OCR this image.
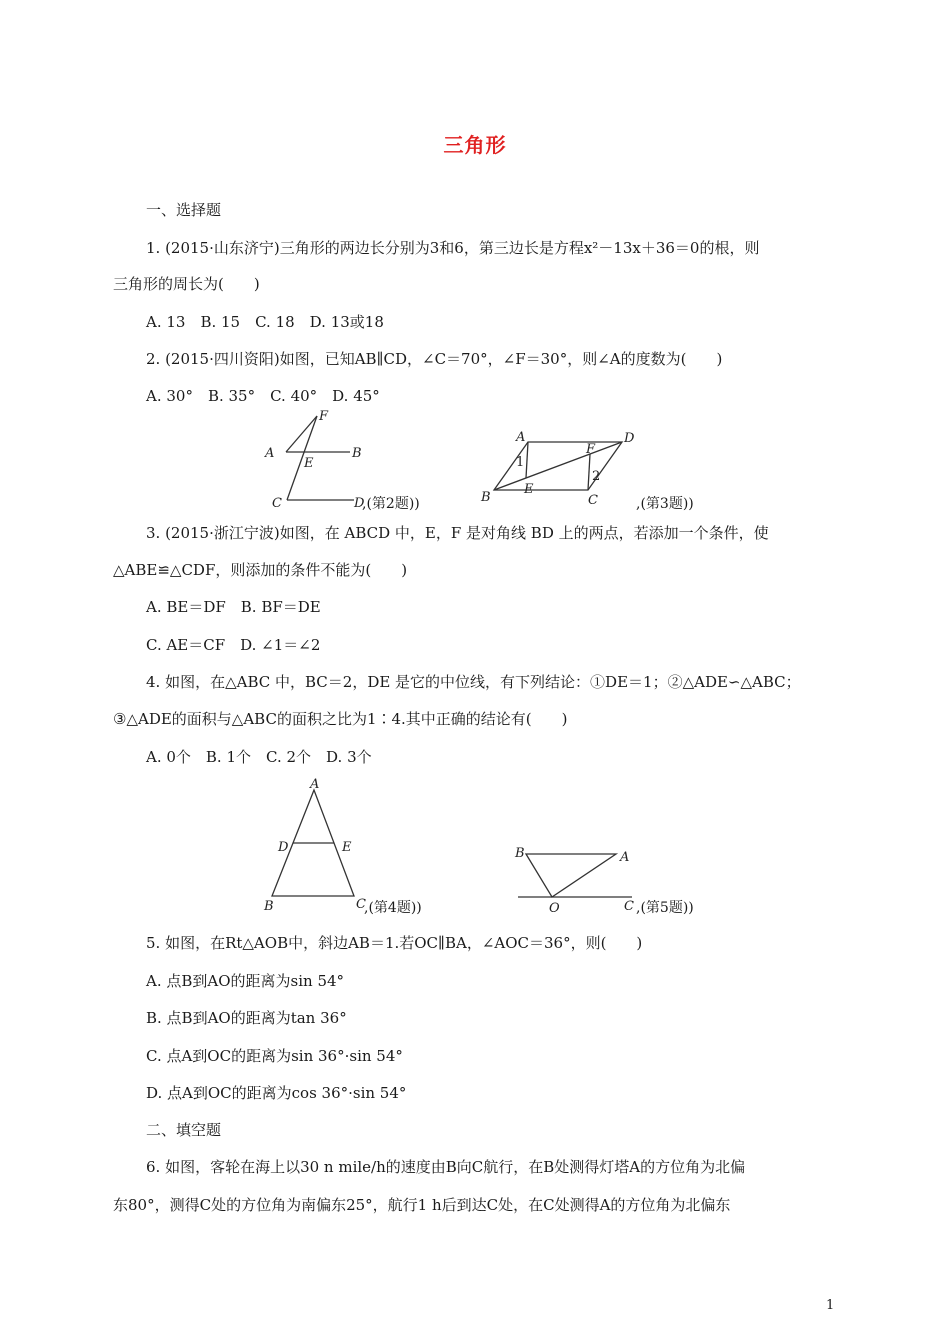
三角形
一、选择题
1. (2015·山东济宁)三角形的两边长分别为3和6，第三边长是方程x²－13x＋36＝0的根，则
三角形的周长为(　　)
A. 13　B. 15　C. 18　D. 13或18
2. (2015·四川资阳)如图，已知AB∥CD，∠C＝70°，∠F＝30°，则∠A的度数为(　　)
A. 30°　B. 35°　C. 40°　D. 45°
F
A
E
B
C	D
,(第2题))
A	D
F
1
2
B
E
C	,(第3题))
3. (2015·浙江宁波)如图，在 ABCD 中，E，F 是对角线 BD 上的两点，若添加一个条件，使
△ABE≌△CDF，则添加的条件不能为(　　)
A. BE＝DF　B. BF＝DE
C. AE＝CF　D. ∠1＝∠2
4. 如图，在△ABC 中，BC＝2，DE 是它的中位线，有下列结论：①DE＝1；②△ADE∽△ABC；
③△ADE的面积与△ABC的面积之比为1∶4.其中正确的结论有(　　)
A. 0个　B. 1个　C. 2个　D. 3个
A
D	E
B	C
,(第4题))
B	A
O	C ,(第5题))
5. 如图，在Rt△AOB中，斜边AB＝1.若OC∥BA，∠AOC＝36°，则(　　)
A. 点B到AO的距离为sin 54°
B. 点B到AO的距离为tan 36°
C. 点A到OC的距离为sin 36°·sin 54°
D. 点A到OC的距离为cos 36°·sin 54°
二、填空题
6. 如图，客轮在海上以30 n mile/h的速度由B向C航行，在B处测得灯塔A的方位角为北偏
东80°，测得C处的方位角为南偏东25°，航行1 h后到达C处，在C处测得A的方位角为北偏东
1
